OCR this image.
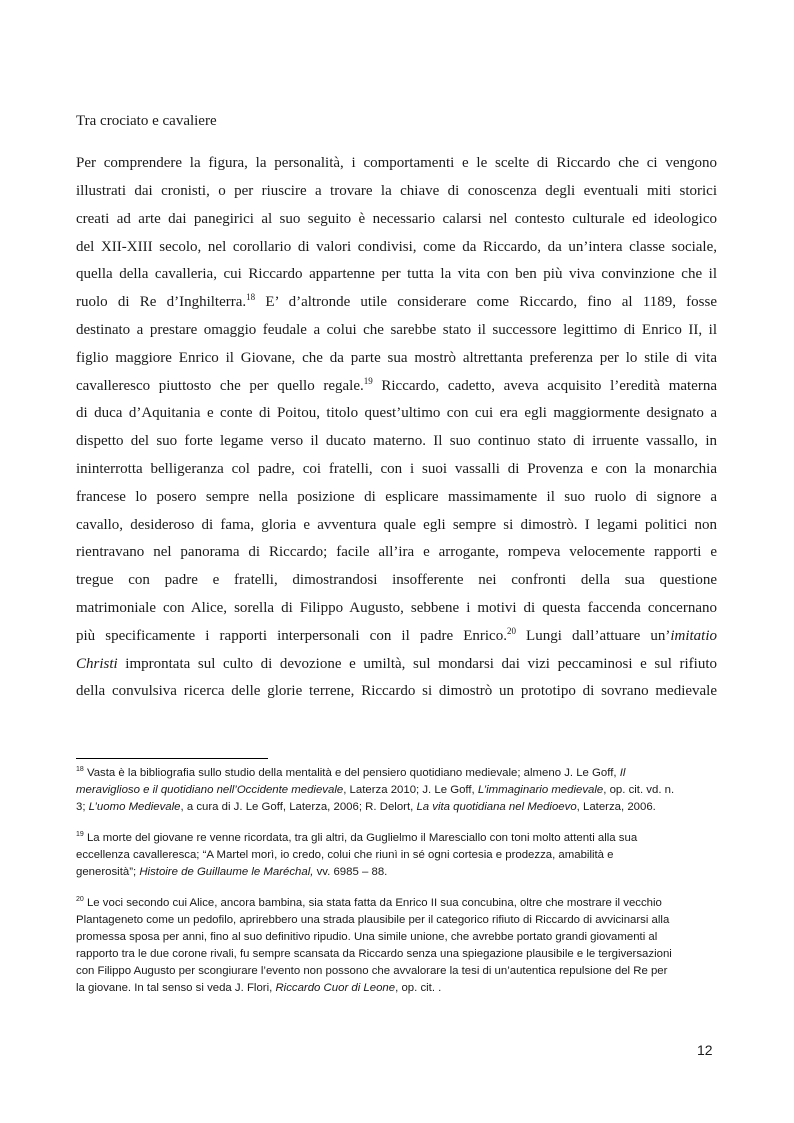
Tra crociato e cavaliere
Per comprendere la figura, la personalità, i comportamenti e le scelte di Riccardo che ci vengono
illustrati dai cronisti, o per riuscire a trovare la chiave di conoscenza degli eventuali miti storici
creati ad arte dai panegirici al suo seguito è necessario calarsi nel contesto culturale ed ideologico
del XII-XIII secolo, nel corollario di valori condivisi, come da Riccardo, da un’intera classe sociale,
quella della cavalleria, cui Riccardo appartenne per tutta la vita con ben più viva convinzione che il
ruolo di Re d’Inghilterra.$^{18}$ E’ d’altronde utile considerare come Riccardo, fino al 1189, fosse
destinato a prestare omaggio feudale a colui che sarebbe stato il successore legittimo di Enrico II, il
figlio maggiore Enrico il Giovane, che da parte sua mostrò altrettanta preferenza per lo stile di vita
cavalleresco piuttosto che per quello regale.$^{19}$ Riccardo, cadetto, aveva acquisito l’eredità materna
di duca d’Aquitania e conte di Poitou, titolo quest’ultimo con cui era egli maggiormente designato a
dispetto del suo forte legame verso il ducato materno. Il suo continuo stato di irruente vassallo, in
ininterrotta belligeranza col padre, coi fratelli, con i suoi vassalli di Provenza e con la monarchia
francese lo posero sempre nella posizione di esplicare massimamente il suo ruolo di signore a
cavallo, desideroso di fama, gloria e avventura quale egli sempre si dimostrò. I legami politici non
rientravano nel panorama di Riccardo; facile all’ira e arrogante, rompeva velocemente rapporti e
tregue con padre e fratelli, dimostrandosi insofferente nei confronti della sua questione
matrimoniale con Alice, sorella di Filippo Augusto, sebbene i motivi di questa faccenda concernano
più specificamente i rapporti interpersonali con il padre Enrico.$^{20}$ Lungi dall’attuare un’imitatio
Christi improntata sul culto di devozione e umiltà, sul mondarsi dai vizi peccaminosi e sul rifiuto
della convulsiva ricerca delle glorie terrene, Riccardo si dimostrò un prototipo di sovrano medievale
$^{18}$ Vasta è la bibliografia sullo studio della mentalità e del pensiero quotidiano medievale; almeno J. Le Goff, Il
meraviglioso e il quotidiano nell’Occidente medievale, Laterza 2010; J. Le Goff, L’immaginario medievale, op. cit. vd. n.
3; L’uomo Medievale, a cura di J. Le Goff, Laterza, 2006; R. Delort, La vita quotidiana nel Medioevo, Laterza, 2006.
$^{19}$ La morte del giovane re venne ricordata, tra gli altri, da Guglielmo il Maresciallo con toni molto attenti alla sua
eccellenza cavalleresca; “A Martel morì, io credo, colui che riunì in sé ogni cortesia e prodezza, amabilità e
generosità”; Histoire de Guillaume le Maréchal, vv. 6985 – 88.
$^{20}$ Le voci secondo cui Alice, ancora bambina, sia stata fatta da Enrico II sua concubina, oltre che mostrare il vecchio
Plantageneto come un pedofilo, aprirebbero una strada plausibile per il categorico rifiuto di Riccardo di avvicinarsi alla
promessa sposa per anni, fino al suo definitivo ripudio. Una simile unione, che avrebbe portato grandi giovamenti al
rapporto tra le due corone rivali, fu sempre scansata da Riccardo senza una spiegazione plausibile e le tergiversazioni
con Filippo Augusto per scongiurare l’evento non possono che avvalorare la tesi di un’autentica repulsione del Re per
la giovane. In tal senso si veda J. Flori, Riccardo Cuor di Leone, op. cit. .
12
